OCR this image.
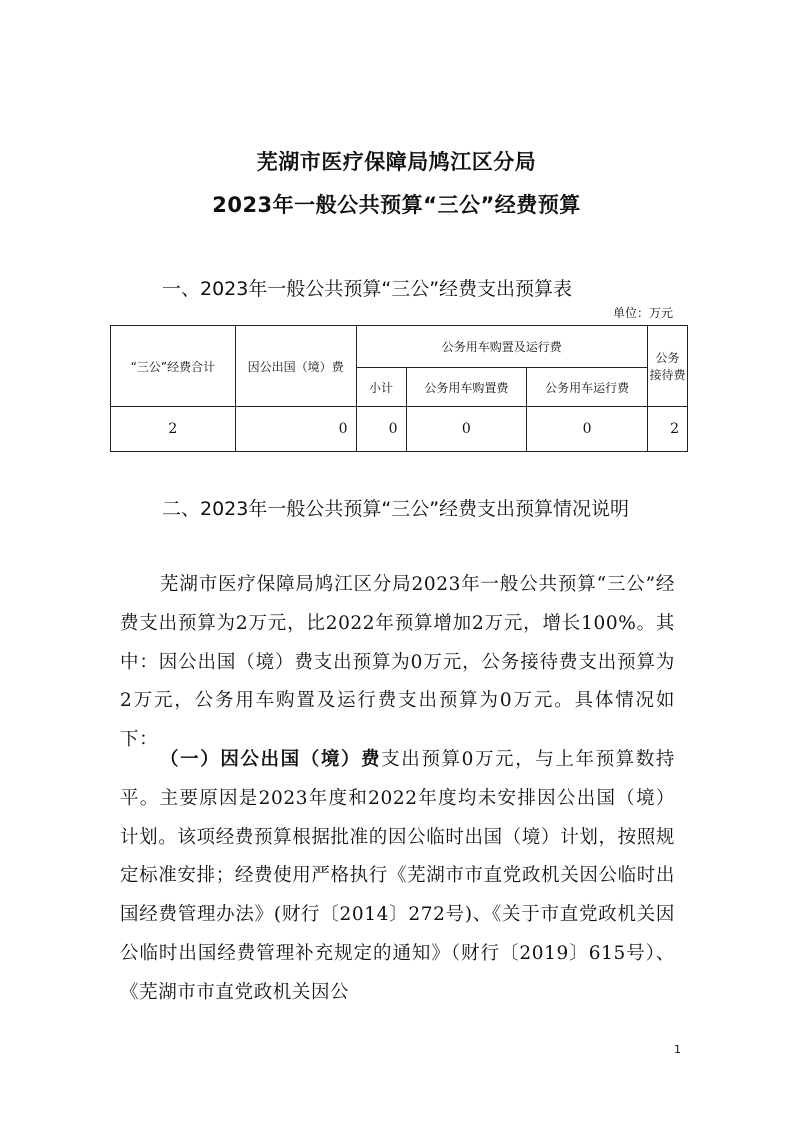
芜湖市医疗保障局鸠江区分局
2023年一般公共预算“三公”经费预算
一、2023年一般公共预算“三公”经费支出预算表
单位：万元
“三公”经费合计	因公出国（境）费	公务用车购置及运行费			公务
接待费
		小计	公务用车购置费	公务用车运行费	
2	0	0	0	0	2
二、2023年一般公共预算“三公”经费支出预算情况说明
芜湖市医疗保障局鸠江区分局2023年一般公共预算“三公”经费支出预算为2万元，比2022年预算增加2万元，增长100%。其中：因公出国（境）费支出预算为0万元，公务接待费支出预算为2万元，公务用车购置及运行费支出预算为0万元。具体情况如下：
（一）因公出国（境）费支出预算0万元，与上年预算数持平。主要原因是2023年度和2022年度均未安排因公出国（境）计划。该项经费预算根据批准的因公临时出国（境）计划，按照规定标准安排；经费使用严格执行《芜湖市市直党政机关因公临时出国经费管理办法》(财行〔2014〕272号)、《关于市直党政机关因公临时出国经费管理补充规定的通知》（财行〔2019〕615号）、《芜湖市市直党政机关因公
1
